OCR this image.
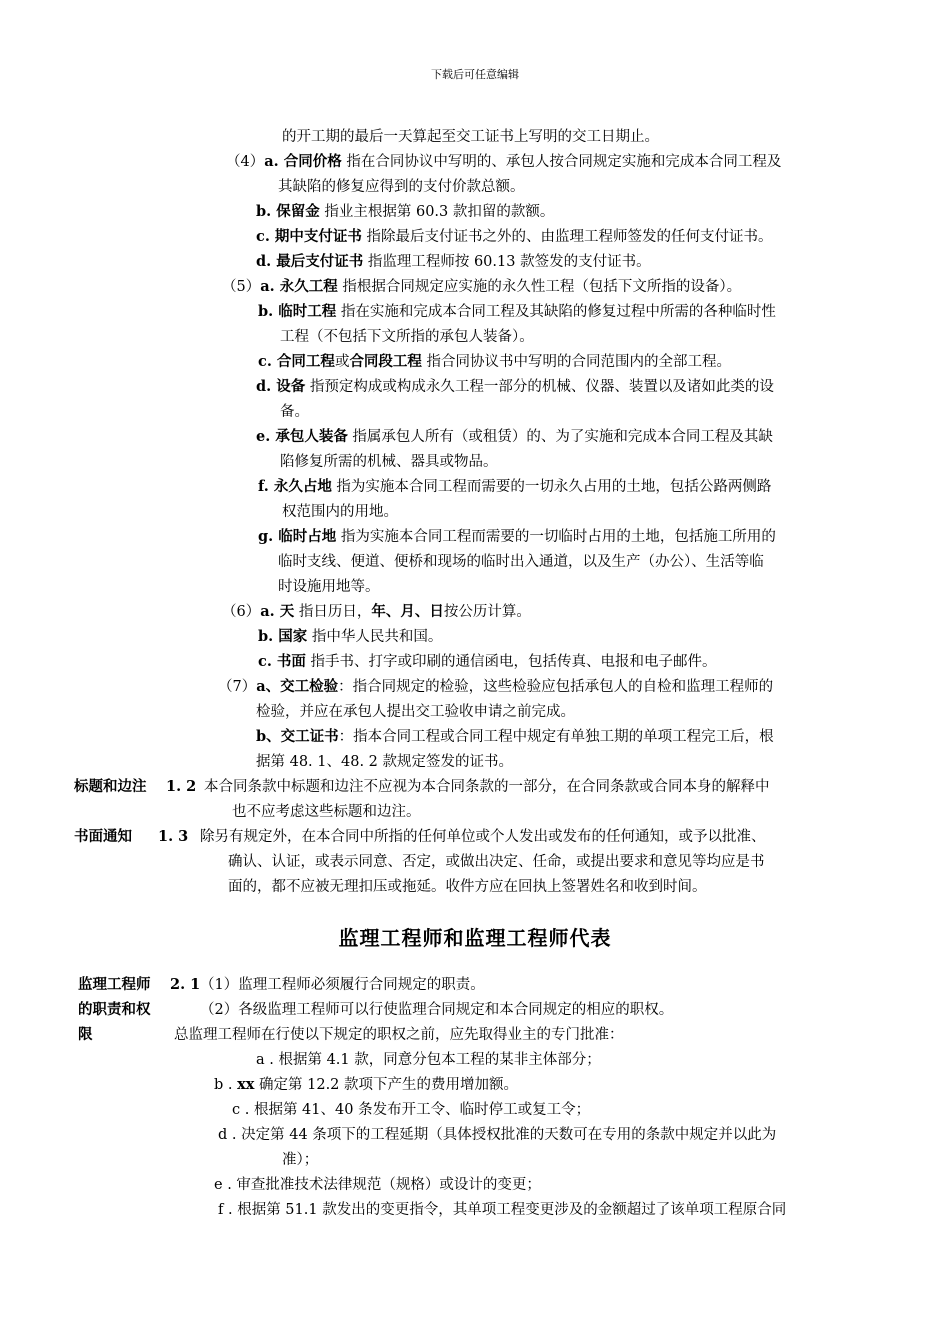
下载后可任意编辑
的开工期的最后一天算起至交工证书上写明的交工日期止。
（4）a. 合同价格 指在合同协议中写明的、承包人按合同规定实施和完成本合同工程及
其缺陷的修复应得到的支付价款总额。
b. 保留金 指业主根据第 60.3 款扣留的款额。
c. 期中支付证书 指除最后支付证书之外的、由监理工程师签发的任何支付证书。
d. 最后支付证书 指监理工程师按 60.13 款签发的支付证书。
（5）a. 永久工程 指根据合同规定应实施的永久性工程（包括下文所指的设备）。
b. 临时工程 指在实施和完成本合同工程及其缺陷的修复过程中所需的各种临时性
工程（不包括下文所指的承包人装备）。
c. 合同工程或合同段工程 指合同协议书中写明的合同范围内的全部工程。
d. 设备 指预定构成或构成永久工程一部分的机械、仪器、装置以及诸如此类的设
备。
e. 承包人装备 指属承包人所有（或租赁）的、为了实施和完成本合同工程及其缺
陷修复所需的机械、器具或物品。
f. 永久占地 指为实施本合同工程而需要的一切永久占用的土地，包括公路两侧路
权范围内的用地。
g. 临时占地 指为实施本合同工程而需要的一切临时占用的土地，包括施工所用的
临时支线、便道、便桥和现场的临时出入通道，以及生产（办公）、生活等临
时设施用地等。
（6）a. 天 指日历日，年、月、日按公历计算。
b. 国家 指中华人民共和国。
c. 书面 指手书、打字或印刷的通信函电，包括传真、电报和电子邮件。
（7）a、交工检验：指合同规定的检验，这些检验应包括承包人的自检和监理工程师的
检验，并应在承包人提出交工验收申请之前完成。
b、交工证书：指本合同工程或合同工程中规定有单独工期的单项工程完工后，根
据第 48. 1、48. 2 款规定签发的证书。
标题和边注 1. 2 本合同条款中标题和边注不应视为本合同条款的一部分，在合同条款或合同本身的解释中
也不应考虑这些标题和边注。
书面通知 1. 3 除另有规定外，在本合同中所指的任何单位或个人发出或发布的任何通知，或予以批准、
确认、认证，或表示同意、否定，或做出决定、任命，或提出要求和意见等均应是书
面的，都不应被无理扣压或拖延。收件方应在回执上签署姓名和收到时间。
监理工程师和监理工程师代表
监理工程师 2. 1 （1）监理工程师必须履行合同规定的职责。
的职责和权	（2）各级监理工程师可以行使监理合同规定和本合同规定的相应的职权。
限	总监理工程师在行使以下规定的职权之前，应先取得业主的专门批准：
a . 根据第 4.1 款，同意分包本工程的某非主体部分；
b . xx 确定第 12.2 款项下产生的费用增加额。
c . 根据第 41、40 条发布开工令、临时停工或复工令；
d . 决定第 44 条项下的工程延期（具体授权批准的天数可在专用的条款中规定并以此为
准）；
e . 审查批准技术法律规范（规格）或设计的变更；
f . 根据第 51.1 款发出的变更指令，其单项工程变更涉及的金额超过了该单项工程原合同
